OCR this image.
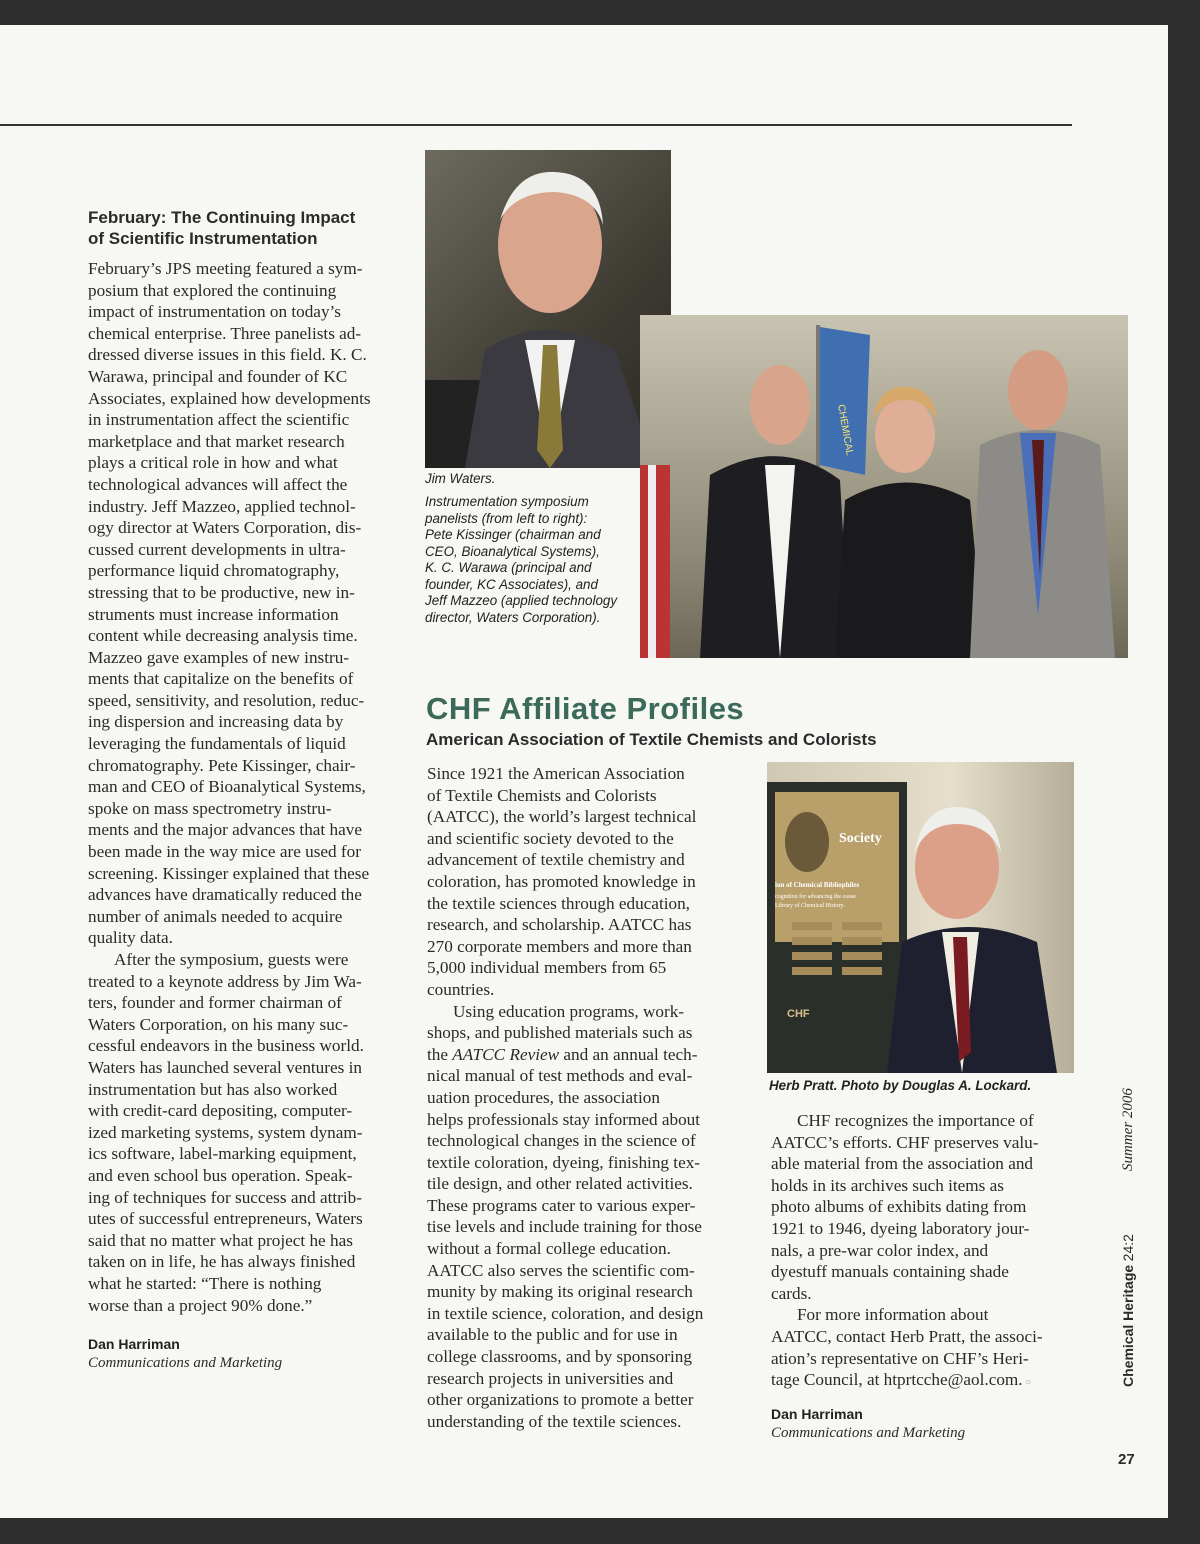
February: The Continuing Impact
of Scientific Instrumentation
February’s JPS meeting featured a sym-
posium that explored the continuing
impact of instrumentation on today’s
chemical enterprise. Three panelists ad-
dressed diverse issues in this field. K. C.
Warawa, principal and founder of KC
Associates, explained how developments
in instrumentation affect the scientific
marketplace and that market research
plays a critical role in how and what
technological advances will affect the
industry. Jeff Mazzeo, applied technol-
ogy director at Waters Corporation, dis-
cussed current developments in ultra-
performance liquid chromatography,
stressing that to be productive, new in-
struments must increase information
content while decreasing analysis time.
Mazzeo gave examples of new instru-
ments that capitalize on the benefits of
speed, sensitivity, and resolution, reduc-
ing dispersion and increasing data by
leveraging the fundamentals of liquid
chromatography. Pete Kissinger, chair-
man and CEO of Bioanalytical Systems,
spoke on mass spectrometry instru-
ments and the major advances that have
been made in the way mice are used for
screening. Kissinger explained that these
advances have dramatically reduced the
number of animals needed to acquire
quality data.
After the symposium, guests were
treated to a keynote address by Jim Wa-
ters, founder and former chairman of
Waters Corporation, on his many suc-
cessful endeavors in the business world.
Waters has launched several ventures in
instrumentation but has also worked
with credit-card depositing, computer-
ized marketing systems, system dynam-
ics software, label-marking equipment,
and even school bus operation. Speak-
ing of techniques for success and attrib-
utes of successful entrepreneurs, Waters
said that no matter what project he has
taken on in life, he has always finished
what he started: “There is nothing
worse than a project 90% done.”
Dan Harriman
Communications and Marketing
Jim Waters.
Instrumentation symposium
panelists (from left to right):
Pete Kissinger (chairman and
CEO, Bioanalytical Systems),
K. C. Warawa (principal and
founder, KC Associates), and
Jeff Mazzeo (applied technology
director, Waters Corporation).
CHEMICAL
CHF Affiliate Profiles
American Association of Textile Chemists and Colorists
Since 1921 the American Association
of Textile Chemists and Colorists
(AATCC), the world’s largest technical
and scientific society devoted to the
advancement of textile chemistry and
coloration, has promoted knowledge in
the textile sciences through education,
research, and scholarship. AATCC has
270 corporate members and more than
5,000 individual members from 65
countries.
Using education programs, work-
shops, and published materials such as
the AATCC Review and an annual tech-
nical manual of test methods and eval-
uation procedures, the association
helps professionals stay informed about
technological changes in the science of
textile coloration, dyeing, finishing tex-
tile design, and other related activities.
These programs cater to various exper-
tise levels and include training for those
without a formal college education.
AATCC also serves the scientific com-
munity by making its original research
in textile science, coloration, and design
available to the public and for use in
college classrooms, and by sponsoring
research projects in universities and
other organizations to promote a better
understanding of the textile sciences.
Society
ion of Chemical Bibliophiles
cognition for advancing the cause
Library of Chemical History.
CHF
Herb Pratt. Photo by Douglas A. Lockard.
CHF recognizes the importance of
AATCC’s efforts. CHF preserves valu-
able material from the association and
holds in its archives such items as
photo albums of exhibits dating from
1921 to 1946, dyeing laboratory jour-
nals, a pre-war color index, and
dyestuff manuals containing shade
cards.
For more information about
AATCC, contact Herb Pratt, the associ-
ation’s representative on CHF’s Heri-
tage Council, at htprtcche@aol.com. ○
Dan Harriman
Communications and Marketing
Chemical Heritage 24:2
Summer 2006
27
